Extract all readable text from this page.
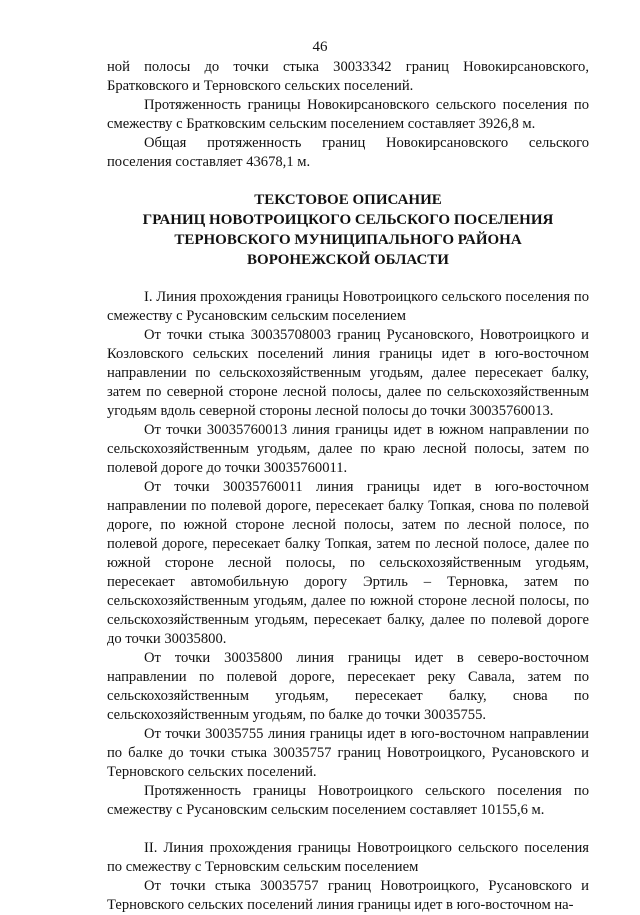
46

ной полосы до точки стыка 30033342 границ Новокирсановского, Братковского и Терновского сельских поселений.

Протяженность границы Новокирсановского сельского поселения по смежеству с Братковским сельским поселением составляет 3926,8 м.

Общая протяженность границ Новокирсановского сельского поселения составляет 43678,1 м.

ТЕКСТОВОЕ ОПИСАНИЕ
ГРАНИЦ НОВОТРОИЦКОГО СЕЛЬСКОГО ПОСЕЛЕНИЯ
ТЕРНОВСКОГО МУНИЦИПАЛЬНОГО РАЙОНА
ВОРОНЕЖСКОЙ ОБЛАСТИ

I. Линия прохождения границы Новотроицкого сельского поселения по смежеству с Русановским сельским поселением

От точки стыка 30035708003 границ Русановского, Новотроицкого и Козловского сельских поселений линия границы идет в юго-восточном направлении по сельскохозяйственным угодьям, далее пересекает балку, затем по северной стороне лесной полосы, далее по сельскохозяйственным угодьям вдоль северной стороны лесной полосы до точки 30035760013.

От точки 30035760013 линия границы идет в южном направлении по сельскохозяйственным угодьям, далее по краю лесной полосы, затем по полевой дороге до точки 30035760011.

От точки 30035760011 линия границы идет в юго-восточном направлении по полевой дороге, пересекает балку Топкая, снова по полевой дороге, по южной стороне лесной полосы, затем по лесной полосе, по полевой дороге, пересекает балку Топкая, затем по лесной полосе, далее по южной стороне лесной полосы, по сельскохозяйственным угодьям, пересекает автомобильную дорогу Эртиль – Терновка, затем по сельскохозяйственным угодьям, далее по южной стороне лесной полосы, по сельскохозяйственным угодьям, пересекает балку, далее по полевой дороге до точки 30035800.

От точки 30035800 линия границы идет в северо-восточном направлении по полевой дороге, пересекает реку Савала, затем по сельскохозяйственным угодьям, пересекает балку, снова по сельскохозяйственным угодьям, по балке до точки 30035755.

От точки 30035755 линия границы идет в юго-восточном направлении по балке до точки стыка 30035757 границ Новотроицкого, Русановского и Терновского сельских поселений.

Протяженность границы Новотроицкого сельского поселения по смежеству с Русановским сельским поселением составляет 10155,6 м.

II. Линия прохождения границы Новотроицкого сельского поселения по смежеству с Терновским сельским поселением

От точки стыка 30035757 границ Новотроицкого, Русановского и Терновского сельских поселений линия границы идет в юго-восточном на-
